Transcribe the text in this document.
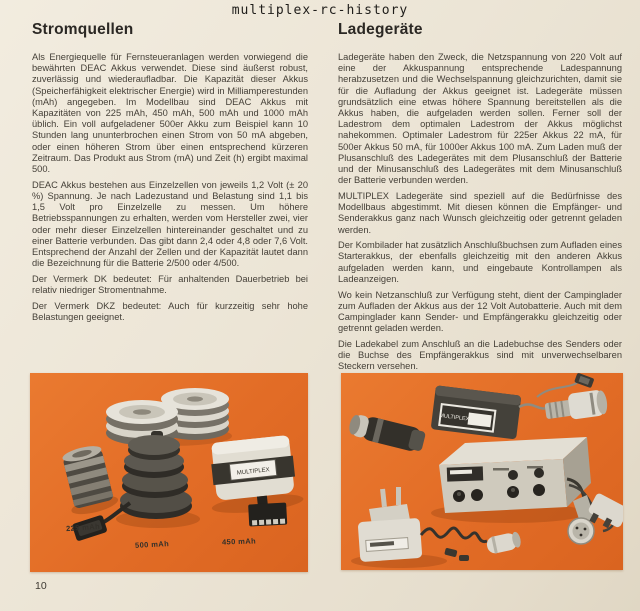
multiplex-rc-history
Stromquellen

Als Energiequelle für Fernsteueranlagen werden vorwiegend die bewährten DEAC Akkus verwendet. Diese sind äußerst robust, zuverlässig und wiederaufladbar. Die Kapazität dieser Akkus (Speicherfähigkeit elektrischer Energie) wird in Milliamperestunden (mAh) angegeben. Im Modellbau sind DEAC Akkus mit Kapazitäten von 225 mAh, 450 mAh, 500 mAh und 1000 mAh üblich. Ein voll aufgeladener 500er Akku zum Beispiel kann 10 Stunden lang ununterbrochen einen Strom von 50 mA abgeben, oder einen höheren Strom über einen entsprechend kürzeren Zeitraum. Das Produkt aus Strom (mA) und Zeit (h) ergibt maximal 500.

DEAC Akkus bestehen aus Einzelzellen von jeweils 1,2 Volt (± 20 %) Spannung. Je nach Ladezustand und Belastung sind 1,1 bis 1,5 Volt pro Einzelzelle zu messen. Um höhere Betriebsspannungen zu erhalten, werden vom Hersteller zwei, vier oder mehr dieser Einzelzellen hintereinander geschaltet und zu einer Batterie verbunden. Das gibt dann 2,4 oder 4,8 oder 7,6 Volt. Entsprechend der Anzahl der Zellen und der Kapazität lautet dann die Bezeichnung für die Batterie 2/500 oder 4/500.

Der Vermerk DK bedeutet: Für anhaltenden Dauerbetrieb bei relativ niedriger Stromentnahme.

Der Vermerk DKZ bedeutet: Auch für kurzzeitig sehr hohe Belastungen geeignet.

Ladegeräte

Ladegeräte haben den Zweck, die Netzspannung von 220 Volt auf eine der Akkuspannung entsprechende Ladespannung herabzusetzen und die Wechselspannung gleichzurichten, damit sie für die Aufladung der Akkus geeignet ist. Ladegeräte müssen grundsätzlich eine etwas höhere Spannung bereitstellen als die Akkus haben, die aufgeladen werden sollen. Ferner soll der Ladestrom dem optimalen Ladestrom der Akkus möglichst nahekommen. Optimaler Ladestrom für 225er Akkus 22 mA, für 500er Akkus 50 mA, für 1000er Akkus 100 mA. Zum Laden muß der Plusanschluß des Ladegerätes mit dem Plusanschluß der Batterie und der Minusanschluß des Ladegerätes mit dem Minusanschluß der Batterie verbunden werden.

MULTIPLEX Ladegeräte sind speziell auf die Bedürfnisse des Modellbaus abgestimmt. Mit diesen können die Empfänger- und Senderakkus ganz nach Wunsch gleichzeitig oder getrennt geladen werden.

Der Kombilader hat zusätzlich Anschlußbuchsen zum Aufladen eines Starterakkus, der ebenfalls gleichzeitig mit den anderen Akkus aufgeladen werden kann, und eingebaute Kontrollampen als Ladeanzeigen.

Wo kein Netzanschluß zur Verfügung steht, dient der Campinglader zum Aufladen der Akkus aus der 12 Volt Autobatterie. Auch mit dem Campinglader kann Sender- und Empfängerakku gleichzeitig oder getrennt geladen werden.

Die Ladekabel zum Anschluß an die Ladebuchse des Senders oder die Buchse des Empfängerakkus sind mit unverwechselbaren Steckern versehen.

MULTIPLEX
225 mAh
500 mAh	450 mAh
MULTIPLEX
10
